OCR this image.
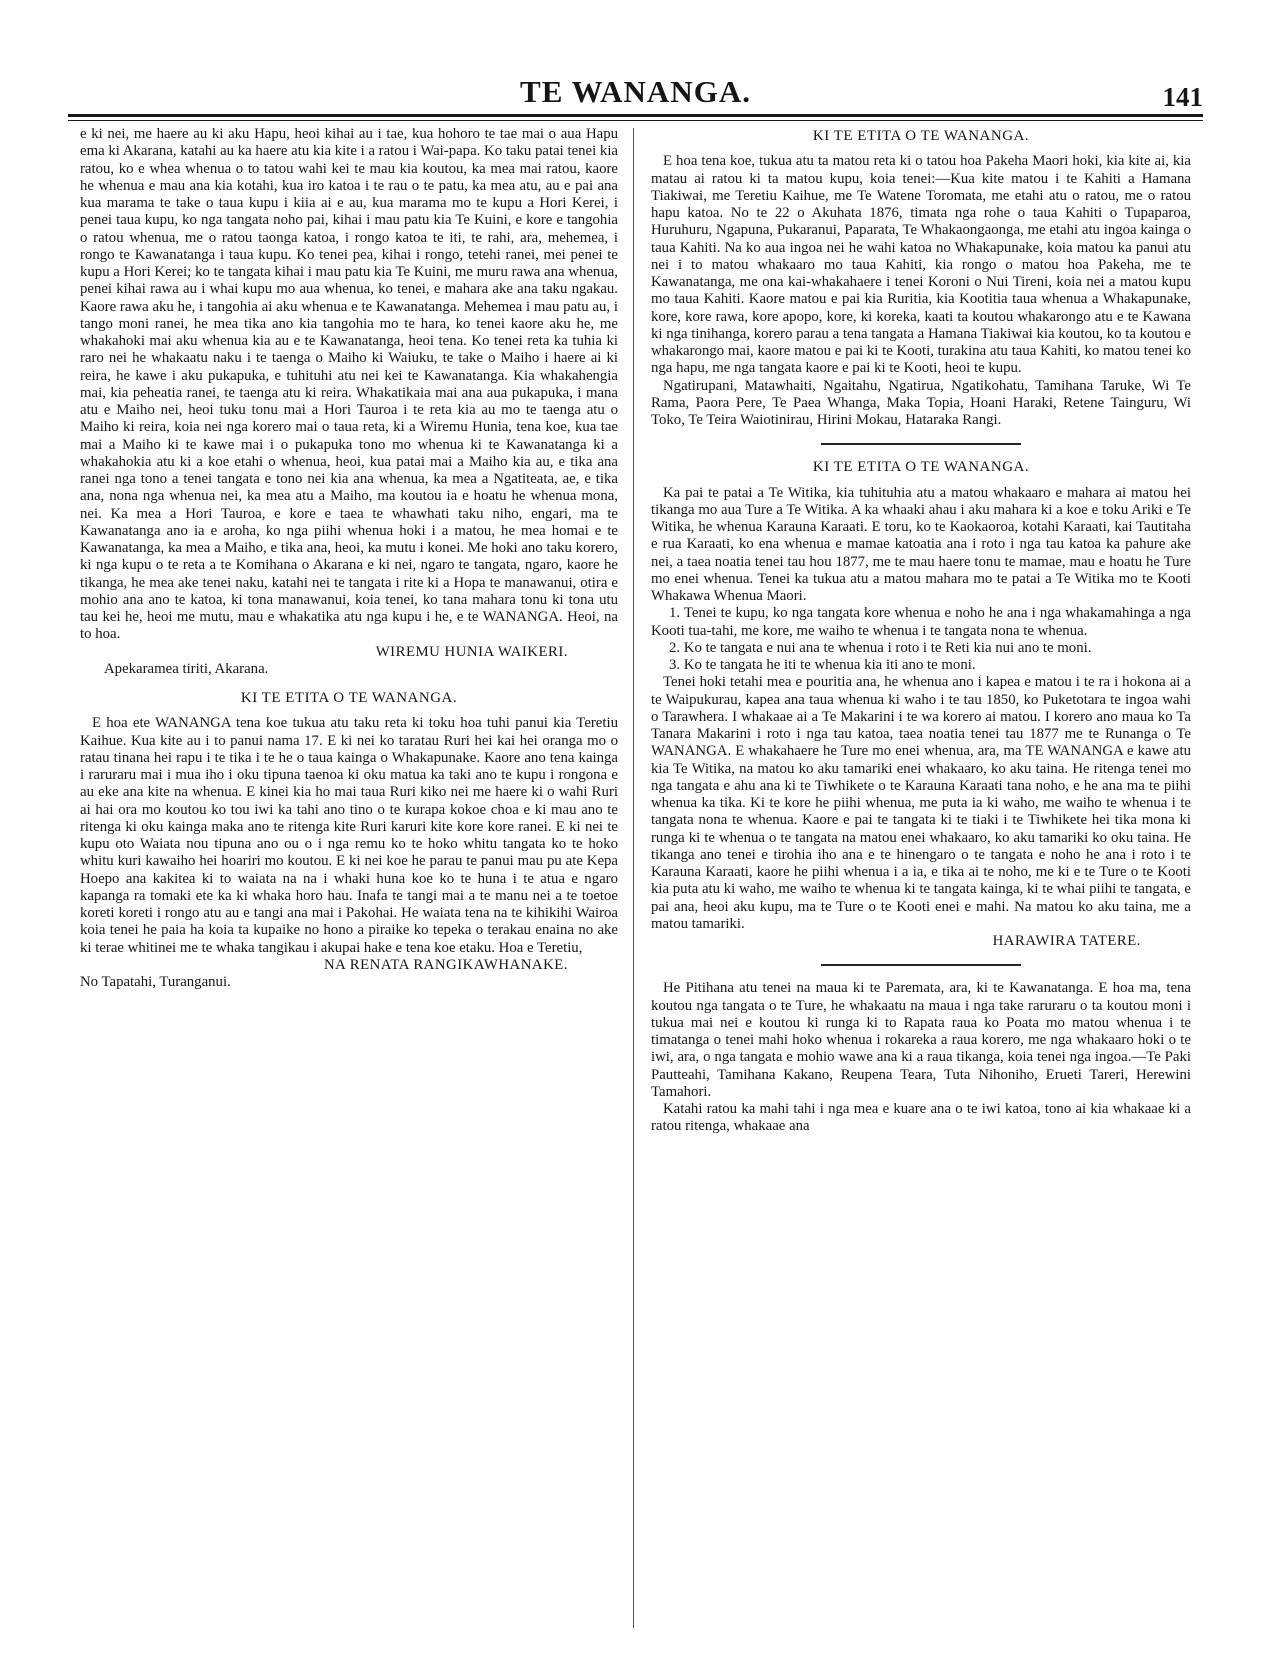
TE WANANGA.	141

e ki nei, me haere au ki aku Hapu, heoi kihai au i tae, kua hohoro te tae mai o aua Hapu ema ki Akarana, katahi au ka haere atu kia kite i a ratou i Wai-papa. Ko taku patai tenei kia ratou, ko e whea whenua o to tatou wahi kei te mau kia koutou, ka mea mai ratou, kaore he whenua e mau ana kia kotahi, kua iro katoa i te rau o te patu, ka mea atu, au e pai ana kua marama te take o taua kupu i kiia ai e au, kua marama mo te kupu a Hori Kerei, i penei taua kupu, ko nga tangata noho pai, kihai i mau patu kia Te Kuini, e kore e tangohia o ratou whenua, me o ratou taonga katoa, i rongo katoa te iti, te rahi, ara, mehemea, i rongo te Kawanatanga i taua kupu. Ko tenei pea, kihai i rongo, tetehi ranei, mei penei te kupu a Hori Kerei; ko te tangata kihai i mau patu kia Te Kuini, me muru rawa ana whenua, penei kihai rawa au i whai kupu mo aua whenua, ko tenei, e mahara ake ana taku ngakau. Kaore rawa aku he, i tangohia ai aku whenua e te Kawanatanga. Mehemea i mau patu au, i tango moni ranei, he mea tika ano kia tangohia mo te hara, ko tenei kaore aku he, me whakahoki mai aku whenua kia au e te Kawanatanga, heoi tena. Ko tenei reta ka tuhia ki raro nei he whakaatu naku i te taenga o Maiho ki Waiuku, te take o Maiho i haere ai ki reira, he kawe i aku pukapuka, e tuhituhi atu nei kei te Kawanatanga. Kia whakahengia mai, kia peheatia ranei, te taenga atu ki reira. Whakatikaia mai ana aua pukapuka, i mana atu e Maiho nei, heoi tuku tonu mai a Hori Tauroa i te reta kia au mo te taenga atu o Maiho ki reira, koia nei nga korero mai o taua reta, ki a Wiremu Hunia, tena koe, kua tae mai a Maiho ki te kawe mai i o pukapuka tono mo whenua ki te Kawanatanga ki a whakahokia atu ki a koe etahi o whenua, heoi, kua patai mai a Maiho kia au, e tika ana ranei nga tono a tenei tangata e tono nei kia ana whenua, ka mea a Ngatiteata, ae, e tika ana, nona nga whenua nei, ka mea atu a Maiho, ma koutou ia e hoatu he whenua mona, nei. Ka mea a Hori Tauroa, e kore e taea te whawhati taku niho, engari, ma te Kawanatanga ano ia e aroha, ko nga piihi whenua hoki i a matou, he mea homai e te Kawanatanga, ka mea a Maiho, e tika ana, heoi, ka mutu i konei. Me hoki ano taku korero, ki nga kupu o te reta a te Komihana o Akarana e ki nei, ngaro te tangata, ngaro, kaore he tikanga, he mea ake tenei naku, katahi nei te tangata i rite ki a Hopa te manawanui, otira e mohio ana ano te katoa, ki tona manawanui, koia tenei, ko tana mahara tonu ki tona utu tau kei he, heoi me mutu, mau e whakatika atu nga kupu i he, e te WANANGA. Heoi, na to hoa.

WIREMU HUNIA WAIKERI.

Apekaramea tiriti, Akarana.

KI TE ETITA O TE WANANGA.

E hoa ete WANANGA tena koe tukua atu taku reta ki toku hoa tuhi panui kia Teretiu Kaihue. Kua kite au i to panui nama 17. E ki nei ko taratau Ruri hei kai hei oranga mo o ratau tinana hei rapu i te tika i te he o taua kainga o Whakapunake. Kaore ano tena kainga i raruraru mai i mua iho i oku tipuna taenoa ki oku matua ka taki ano te kupu i rongona e au eke ana kite na whenua. E kinei kia ho mai taua Ruri kiko nei me haere ki o wahi Ruri ai hai ora mo koutou ko tou iwi ka tahi ano tino o te kurapa kokoe choa e ki mau ano te ritenga ki oku kainga maka ano te ritenga kite Ruri karuri kite kore kore ranei. E ki nei te kupu oto Waiata nou tipuna ano ou o i nga remu ko te hoko whitu tangata ko te hoko whitu kuri kawaiho hei hoariri mo koutou. E ki nei koe he parau te panui mau pu ate Kepa Hoepo ana kakitea ki to waiata na na i whaki huna koe ko te huna i te atua e ngaro kapanga ra tomaki ete ka ki whaka horo hau. Inafa te tangi mai a te manu nei a te toetoe koreti koreti i rongo atu au e tangi ana mai i Pakohai. He waiata tena na te kihikihi Wairoa koia tenei he paia ha koia ta kupaike no hono a piraike ko tepeka o terakau enaina no ake ki terae whitinei me te whaka tangikau i akupai hake e tena koe etaku. Hoa e Teretiu,

NA RENATA RANGIKAWHANAKE.

No Tapatahi, Turanganui.

KI TE ETITA O TE WANANGA.

E hoa tena koe, tukua atu ta matou reta ki o tatou hoa Pakeha Maori hoki, kia kite ai, kia matau ai ratou ki ta matou kupu, koia tenei:—Kua kite matou i te Kahiti a Hamana Tiakiwai, me Teretiu Kaihue, me Te Watene Toromata, me etahi atu o ratou, me o ratou hapu katoa. No te 22 o Akuhata 1876, timata nga rohe o taua Kahiti o Tupaparoa, Huruhuru, Ngapuna, Pukaranui, Paparata, Te Whakaongaonga, me etahi atu ingoa kainga o taua Kahiti. Na ko aua ingoa nei he wahi katoa no Whakapunake, koia matou ka panui atu nei i to matou whakaaro mo taua Kahiti, kia rongo o matou hoa Pakeha, me te Kawanatanga, me ona kai-whakahaere i tenei Koroni o Nui Tireni, koia nei a matou kupu mo taua Kahiti. Kaore matou e pai kia Ruritia, kia Kootitia taua whenua a Whakapunake, kore, kore rawa, kore apopo, kore, ki koreka, kaati ta koutou whakarongo atu e te Kawana ki nga tinihanga, korero parau a tena tangata a Hamana Tiakiwai kia koutou, ko ta koutou e whakarongo mai, kaore matou e pai ki te Kooti, turakina atu taua Kahiti, ko matou tenei ko nga hapu, me nga tangata kaore e pai ki te Kooti, heoi te kupu.

Ngatirupani, Matawhaiti, Ngaitahu, Ngatirua, Ngatikohatu, Tamihana Taruke, Wi Te Rama, Paora Pere, Te Paea Whanga, Maka Topia, Hoani Haraki, Retene Tainguru, Wi Toko, Te Teira Waiotinirau, Hirini Mokau, Hataraka Rangi.

KI TE ETITA O TE WANANGA.

Ka pai te patai a Te Witika, kia tuhituhia atu a matou whakaaro e mahara ai matou hei tikanga mo aua Ture a Te Witika. A ka whaaki ahau i aku mahara ki a koe e toku Ariki e Te Witika, he whenua Karauna Karaati. E toru, ko te Kaokaoroa, kotahi Karaati, kai Tautitaha e rua Karaati, ko ena whenua e mamae katoatia ana i roto i nga tau katoa ka pahure ake nei, a taea noatia tenei tau hou 1877, me te mau haere tonu te mamae, mau e hoatu he Ture mo enei whenua. Tenei ka tukua atu a matou mahara mo te patai a Te Witika mo te Kooti Whakawa Whenua Maori.

1. Tenei te kupu, ko nga tangata kore whenua e noho he ana i nga whakamahinga a nga Kooti tua-tahi, me kore, me waiho te whenua i te tangata nona te whenua.
2. Ko te tangata e nui ana te whenua i roto i te Reti kia nui ano te moni.
3. Ko te tangata he iti te whenua kia iti ano te moni.

Tenei hoki tetahi mea e pouritia ana, he whenua ano i kapea e matou i te ra i hokona ai a te Waipukurau, kapea ana taua whenua ki waho i te tau 1850, ko Puketotara te ingoa wahi o Tarawhera. I whakaae ai a Te Makarini i te wa korero ai matou. I korero ano maua ko Ta Tanara Makarini i roto i nga tau katoa, taea noatia tenei tau 1877 me te Runanga o Te WANANGA. E whakahaere he Ture mo enei whenua, ara, ma TE WANANGA e kawe atu kia Te Witika, na matou ko aku tamariki enei whakaaro, ko aku taina. He ritenga tenei mo nga tangata e ahu ana ki te Tiwhikete o te Karauna Karaati tana noho, e he ana ma te piihi whenua ka tika. Ki te kore he piihi whenua, me puta ia ki waho, me waiho te whenua i te tangata nona te whenua. Kaore e pai te tangata ki te tiaki i te Tiwhikete hei tika mona ki runga ki te whenua o te tangata na matou enei whakaaro, ko aku tamariki ko oku taina. He tikanga ano tenei e tirohia iho ana e te hinengaro o te tangata e noho he ana i roto i te Karauna Karaati, kaore he piihi whenua i a ia, e tika ai te noho, me ki e te Ture o te Kooti kia puta atu ki waho, me waiho te whenua ki te tangata kainga, ki te whai piihi te tangata, e pai ana, heoi aku kupu, ma te Ture o te Kooti enei e mahi. Na matou ko aku taina, me a matou tamariki.

HARAWIRA TATERE.

He Pitihana atu tenei na maua ki te Paremata, ara, ki te Kawanatanga. E hoa ma, tena koutou nga tangata o te Ture, he whakaatu na maua i nga take raruraru o ta koutou moni i tukua mai nei e koutou ki runga ki to Rapata raua ko Poata mo matou whenua i te timatanga o tenei mahi hoko whenua i rokareka a raua korero, me nga whakaaro hoki o te iwi, ara, o nga tangata e mohio wawe ana ki a raua tikanga, koia tenei nga ingoa.—Te Paki Pautteahi, Tamihana Kakano, Reupena Teara, Tuta Nihoniho, Erueti Tareri, Herewini Tamahori.

Katahi ratou ka mahi tahi i nga mea e kuare ana o te iwi katoa, tono ai kia whakaae ki a ratou ritenga, whakaae ana
